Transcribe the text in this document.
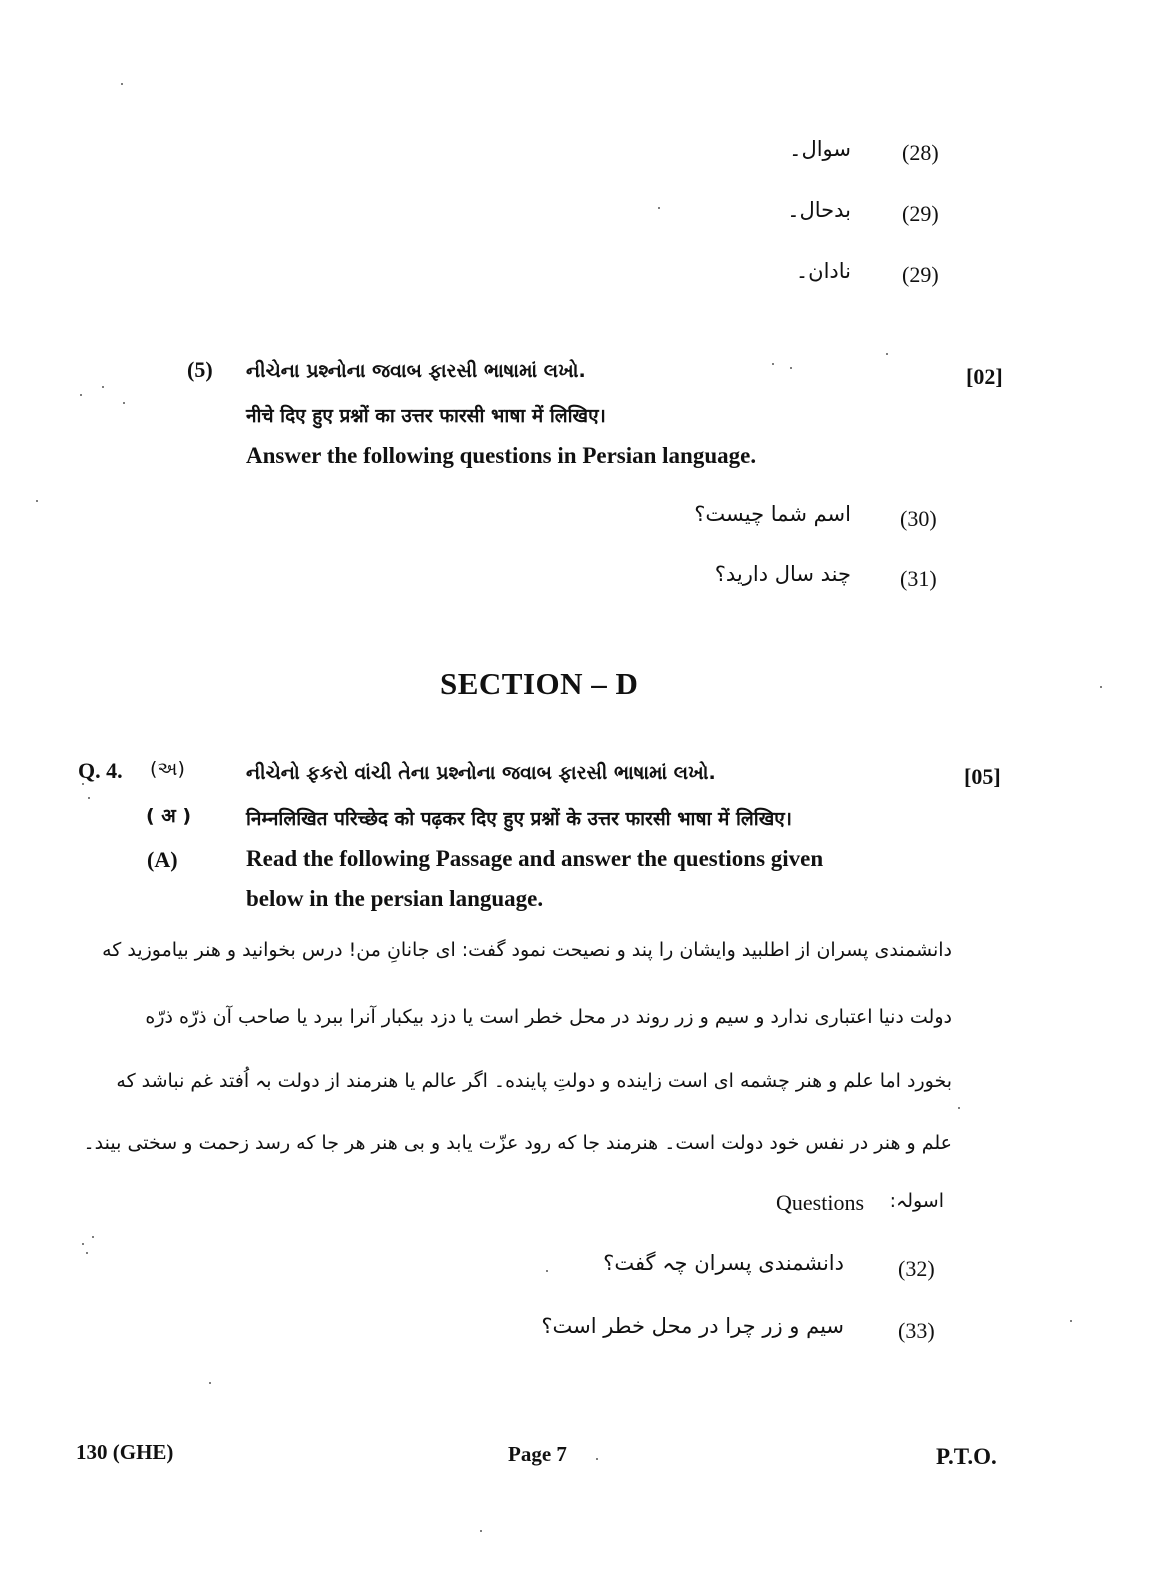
سوال۔ (28)
بدحال۔ (29)
نادان۔ (29)
(5) નીચેના પ્રશ્નોના જવાબ ફારસી ભાષામાં લખો.	[02]
नीचे दिए हुए प्रश्नों का उत्तर फारसी भाषा में लिखिए।
Answer the following questions in Persian language.
اسم شما چیست؟ (30)
چند سال دارید؟ (31)
SECTION – D
Q. 4. (અ)	નીચેનો ફકરો વાંચી તેના પ્રશ્નોના જવાબ ફારસી ભાષામાં લખો.	[05]
( अ )	निम्नलिखित परिच्छेद को पढ़कर दिए हुए प्रश्नों के उत्तर फारसी भाषा में लिखिए।
(A)	Read the following Passage and answer the questions given
below in the persian language.
دانشمندی پسران از اطلبید وایشان را پند و نصیحت نمود گفت: ای جانانِ من! درس بخوانید و هنر بیاموزید که
دولت دنیا اعتباری ندارد و سیم و زر روند در محل خطر است یا دزد بیکبار آنرا ببرد یا صاحب آن ذرّه ذرّه
بخورد اما علم و هنر چشمه ای است زاینده و دولتِ پاینده۔ اگر عالم یا هنرمند از دولت بہ اُفتد غم نباشد که
علم و هنر در نفس خود دولت است۔ هنرمند جا که رود عزّت یابد و بی هنر هر جا که رسد زحمت و سختی بیند۔
Questions اسولہ:
دانشمندی پسران چہ گفت؟ (32)
سیم و زر چرا در محل خطر است؟ (33)
130 (GHE)	Page 7	P.T.O.
